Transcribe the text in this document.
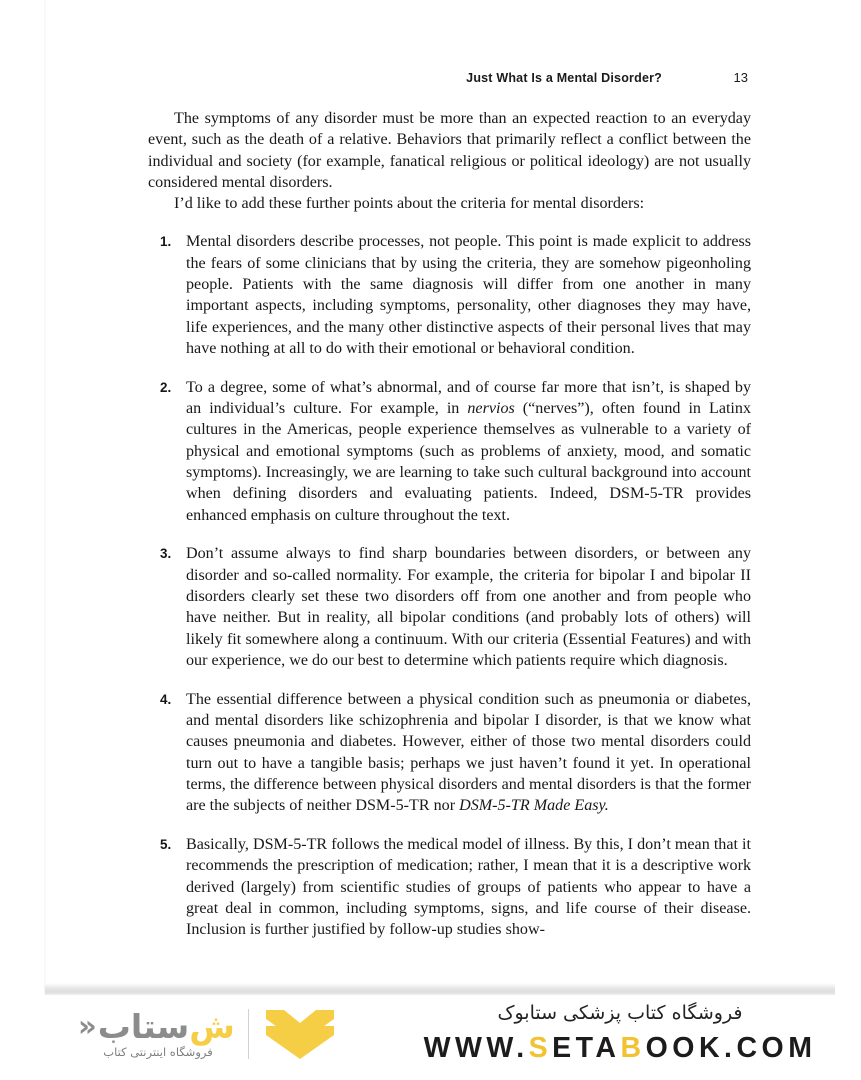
Just What Is a Mental Disorder?	13

The symptoms of any disorder must be more than an expected reaction to an everyday event, such as the death of a relative. Behaviors that primarily reflect a conflict between the individual and society (for example, fanatical religious or political ideology) are not usually considered mental disorders.

I’d like to add these further points about the criteria for mental disorders:

1. Mental disorders describe processes, not people. This point is made explicit to address the fears of some clinicians that by using the criteria, they are somehow pigeonholing people. Patients with the same diagnosis will differ from one another in many important aspects, including symptoms, personality, other diagnoses they may have, life experiences, and the many other distinctive aspects of their personal lives that may have nothing at all to do with their emotional or behavioral condition.
2. To a degree, some of what’s abnormal, and of course far more that isn’t, is shaped by an individual’s culture. For example, in nervios (“nerves”), often found in Latinx cultures in the Americas, people experience themselves as vulnerable to a variety of physical and emotional symptoms (such as problems of anxiety, mood, and somatic symptoms). Increasingly, we are learning to take such cultural background into account when defining disorders and evaluating patients. Indeed, DSM-5-TR provides enhanced emphasis on culture throughout the text.
3. Don’t assume always to find sharp boundaries between disorders, or between any disorder and so-called normality. For example, the criteria for bipolar I and bipolar II disorders clearly set these two disorders off from one another and from people who have neither. But in reality, all bipolar conditions (and probably lots of others) will likely fit somewhere along a continuum. With our criteria (Essential Features) and with our experience, we do our best to determine which patients require which diagnosis.
4. The essential difference between a physical condition such as pneumonia or diabetes, and mental disorders like schizophrenia and bipolar I disorder, is that we know what causes pneumonia and diabetes. However, either of those two mental disorders could turn out to have a tangible basis; perhaps we just haven’t found it yet. In operational terms, the difference between physical disorders and mental disorders is that the former are the subjects of neither DSM-5-TR nor DSM-5-TR Made Easy.
5. Basically, DSM-5-TR follows the medical model of illness. By this, I don’t mean that it recommends the prescription of medication; rather, I mean that it is a descriptive work derived (largely) from scientific studies of groups of patients who appear to have a great deal in common, including symptoms, signs, and life course of their disease. Inclusion is further justified by follow-up studies show-
ش
ستاب
«
فروشگاه اینترنتی کتاب
فروشگاه کتاب پزشکی ستابوک
WWW.SETABOOK.COM
